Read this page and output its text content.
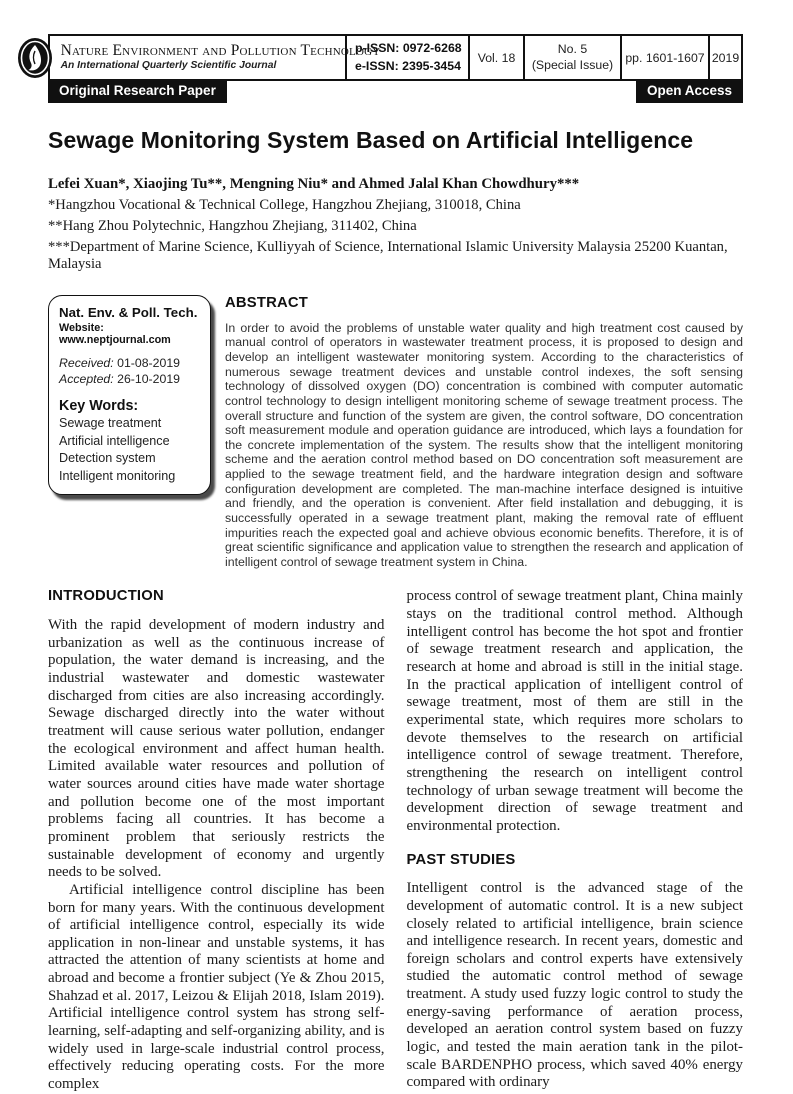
Nature Environment and Pollution Technology
An International Quarterly Scientific Journal
p-ISSN: 0972-6268
e-ISSN: 2395-3454
Vol. 18
No. 5
(Special Issue) pp. 1601-1607 2019
Original Research Paper	Open Access
Sewage Monitoring System Based on Artificial Intelligence
Lefei Xuan*, Xiaojing Tu**, Mengning Niu* and Ahmed Jalal Khan Chowdhury***
*Hangzhou Vocational & Technical College, Hangzhou Zhejiang, 310018, China
**Hang Zhou Polytechnic, Hangzhou Zhejiang, 311402, China
***Department of Marine Science, Kulliyyah of Science, International Islamic University Malaysia 25200 Kuantan, Malaysia
Nat. Env. & Poll. Tech.
Website: www.neptjournal.com
Received: 01-08-2019
Accepted: 26-10-2019
Key Words:
Sewage treatment
Artificial intelligence
Detection system
Intelligent monitoring
ABSTRACT

In order to avoid the problems of unstable water quality and high treatment cost caused by manual control of operators in wastewater treatment process, it is proposed to design and develop an intelligent wastewater monitoring system. According to the characteristics of numerous sewage treatment devices and unstable control indexes, the soft sensing technology of dissolved oxygen (DO) concentration is combined with computer automatic control technology to design intelligent monitoring scheme of sewage treatment process. The overall structure and function of the system are given, the control software, DO concentration soft measurement module and operation guidance are introduced, which lays a foundation for the concrete implementation of the system. The results show that the intelligent monitoring scheme and the aeration control method based on DO concentration soft measurement are applied to the sewage treatment field, and the hardware integration design and software configuration development are completed. The man-machine interface designed is intuitive and friendly, and the operation is convenient. After field installation and debugging, it is successfully operated in a sewage treatment plant, making the removal rate of effluent impurities reach the expected goal and achieve obvious economic benefits. Therefore, it is of great scientific significance and application value to strengthen the research and application of intelligent control of sewage treatment system in China.

INTRODUCTION

With the rapid development of modern industry and urbanization as well as the continuous increase of population, the water demand is increasing, and the industrial wastewater and domestic wastewater discharged from cities are also increasing accordingly. Sewage discharged directly into the water without treatment will cause serious water pollution, endanger the ecological environment and affect human health. Limited available water resources and pollution of water sources around cities have made water shortage and pollution become one of the most important problems facing all countries. It has become a prominent problem that seriously restricts the sustainable development of economy and urgently needs to be solved.

Artificial intelligence control discipline has been born for many years. With the continuous development of artificial intelligence control, especially its wide application in non-linear and unstable systems, it has attracted the attention of many scientists at home and abroad and become a frontier subject (Ye & Zhou 2015, Shahzad et al. 2017, Leizou & Elijah 2018, Islam 2019). Artificial intelligence control system has strong self-learning, self-adapting and self-organizing ability, and is widely used in large-scale industrial control process, effectively reducing operating costs. For the more complex

process control of sewage treatment plant, China mainly stays on the traditional control method. Although intelligent control has become the hot spot and frontier of sewage treatment research and application, the research at home and abroad is still in the initial stage. In the practical application of intelligent control of sewage treatment, most of them are still in the experimental state, which requires more scholars to devote themselves to the research on artificial intelligence control of sewage treatment. Therefore, strengthening the research on intelligent control technology of urban sewage treatment will become the development direction of sewage treatment and environmental protection.

PAST STUDIES

Intelligent control is the advanced stage of the development of automatic control. It is a new subject closely related to artificial intelligence, brain science and intelligence research. In recent years, domestic and foreign scholars and control experts have extensively studied the automatic control method of sewage treatment. A study used fuzzy logic control to study the energy-saving performance of aeration process, developed an aeration control system based on fuzzy logic, and tested the main aeration tank in the pilot-scale BARDENPHO process, which saved 40% energy compared with ordinary
